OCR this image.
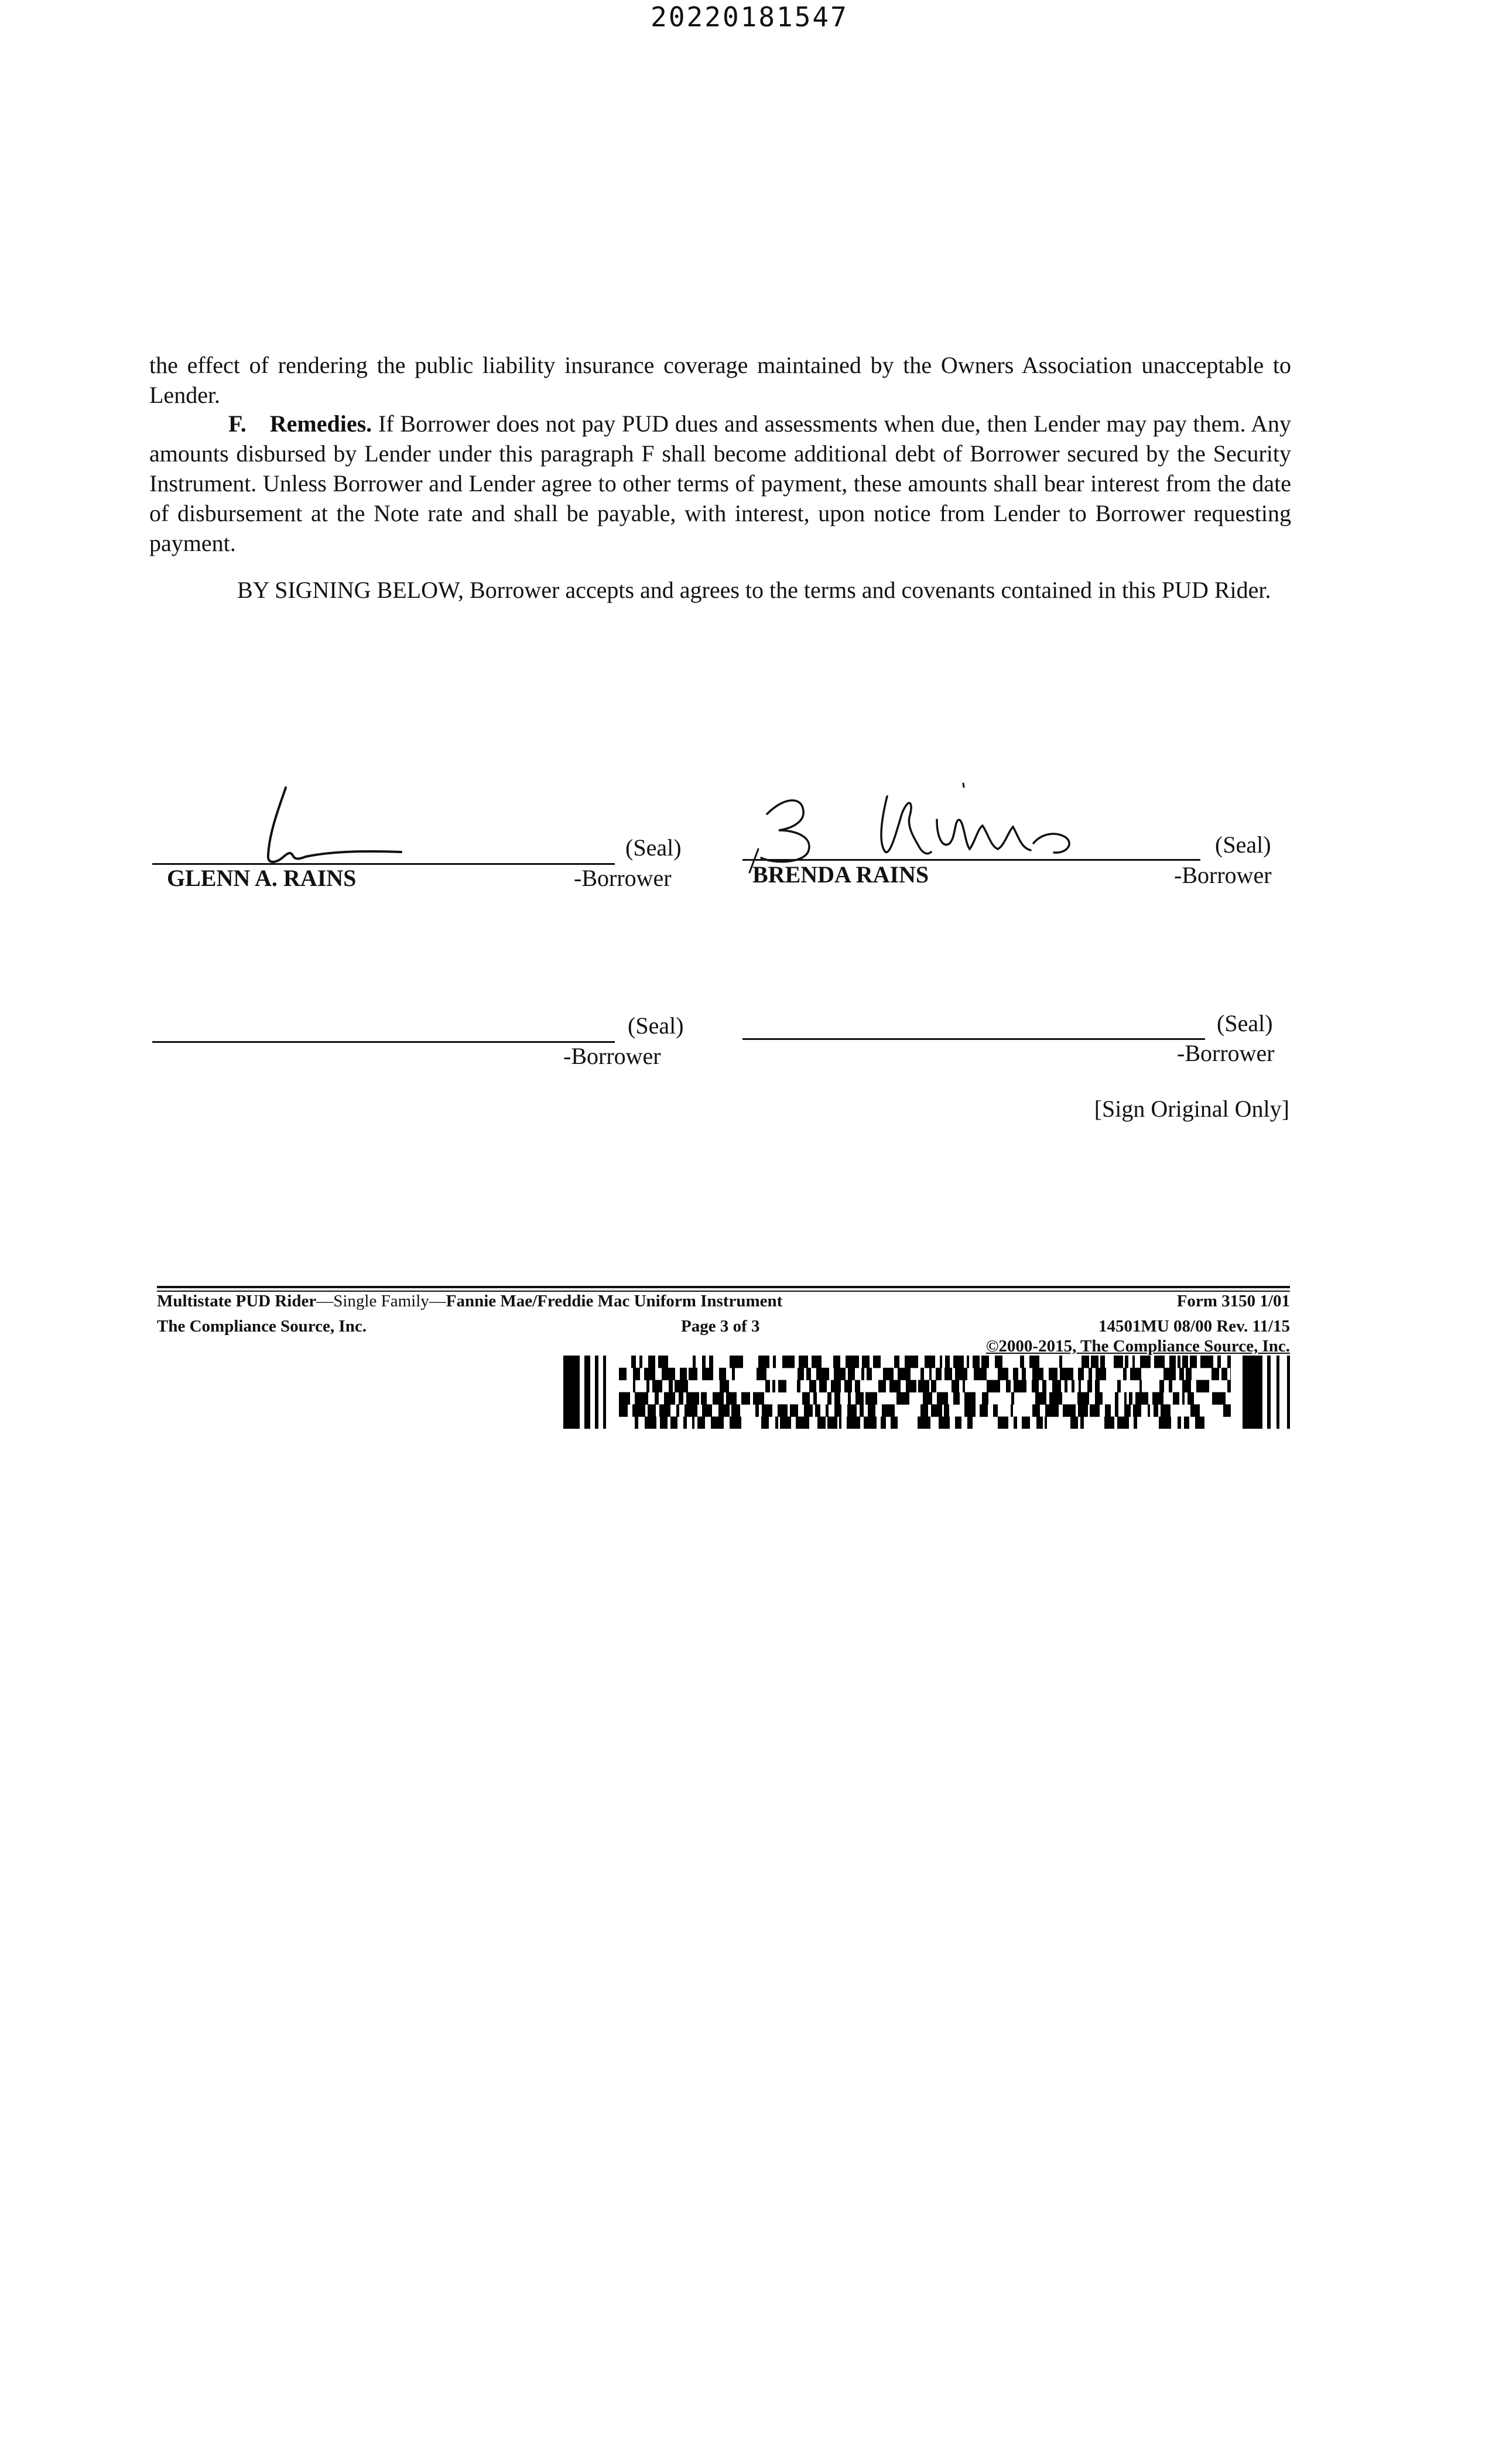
20220181547

the effect of rendering the public liability insurance coverage maintained by the Owners Association unacceptable to Lender.

F. Remedies. If Borrower does not pay PUD dues and assessments when due, then Lender may pay them. Any amounts disbursed by Lender under this paragraph F shall become additional debt of Borrower secured by the Security Instrument. Unless Borrower and Lender agree to other terms of payment, these amounts shall bear interest from the date of disbursement at the Note rate and shall be payable, with interest, upon notice from Lender to Borrower requesting payment.

BY SIGNING BELOW, Borrower accepts and agrees to the terms and covenants contained in this PUD Rider.

(Seal)
GLENN A. RAINS	-Borrower
(Seal)
BRENDA RAINS	-Borrower
(Seal)
-Borrower
(Seal)
-Borrower
[Sign Original Only]
Multistate PUD Rider—Single Family—Fannie Mae/Freddie Mac Uniform Instrument	Form 3150 1/01
The Compliance Source, Inc.	Page 3 of 3	14501MU 08/00 Rev. 11/15
©2000-2015, The Compliance Source, Inc.
